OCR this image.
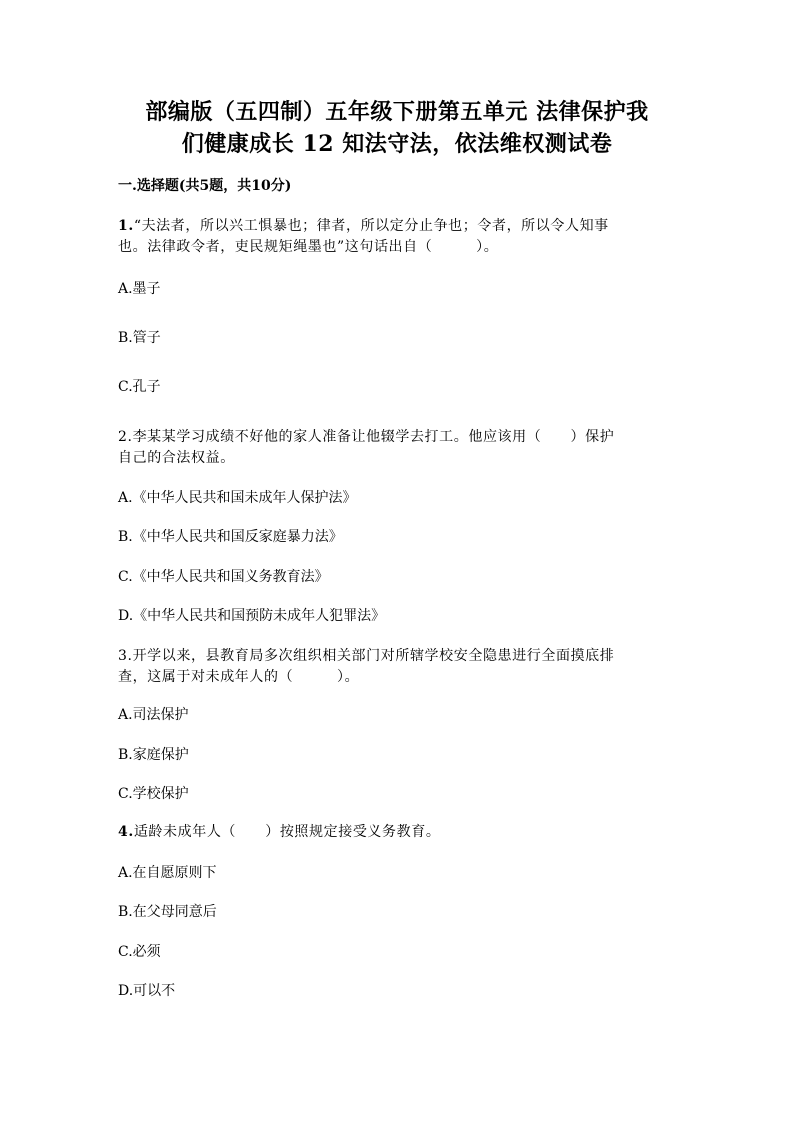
部编版（五四制）五年级下册第五单元 法律保护我
们健康成长 12 知法守法，依法维权测试卷
一.选择题(共5题，共10分)
1.“夫法者，所以兴工惧暴也；律者，所以定分止争也；令者，所以令人知事
也。法律政令者，吏民规矩绳墨也”这句话出自（　　　）。
A.墨子
B.管子
C.孔子
2.李某某学习成绩不好他的家人准备让他辍学去打工。他应该用（　　）保护
自己的合法权益。
A.《中华人民共和国未成年人保护法》
B.《中华人民共和国反家庭暴力法》
C.《中华人民共和国义务教育法》
D.《中华人民共和国预防未成年人犯罪法》
3.开学以来，县教育局多次组织相关部门对所辖学校安全隐患进行全面摸底排
查，这属于对未成年人的（　　　）。
A.司法保护
B.家庭保护
C.学校保护
4.适龄未成年人（　　）按照规定接受义务教育。
A.在自愿原则下
B.在父母同意后
C.必须
D.可以不
